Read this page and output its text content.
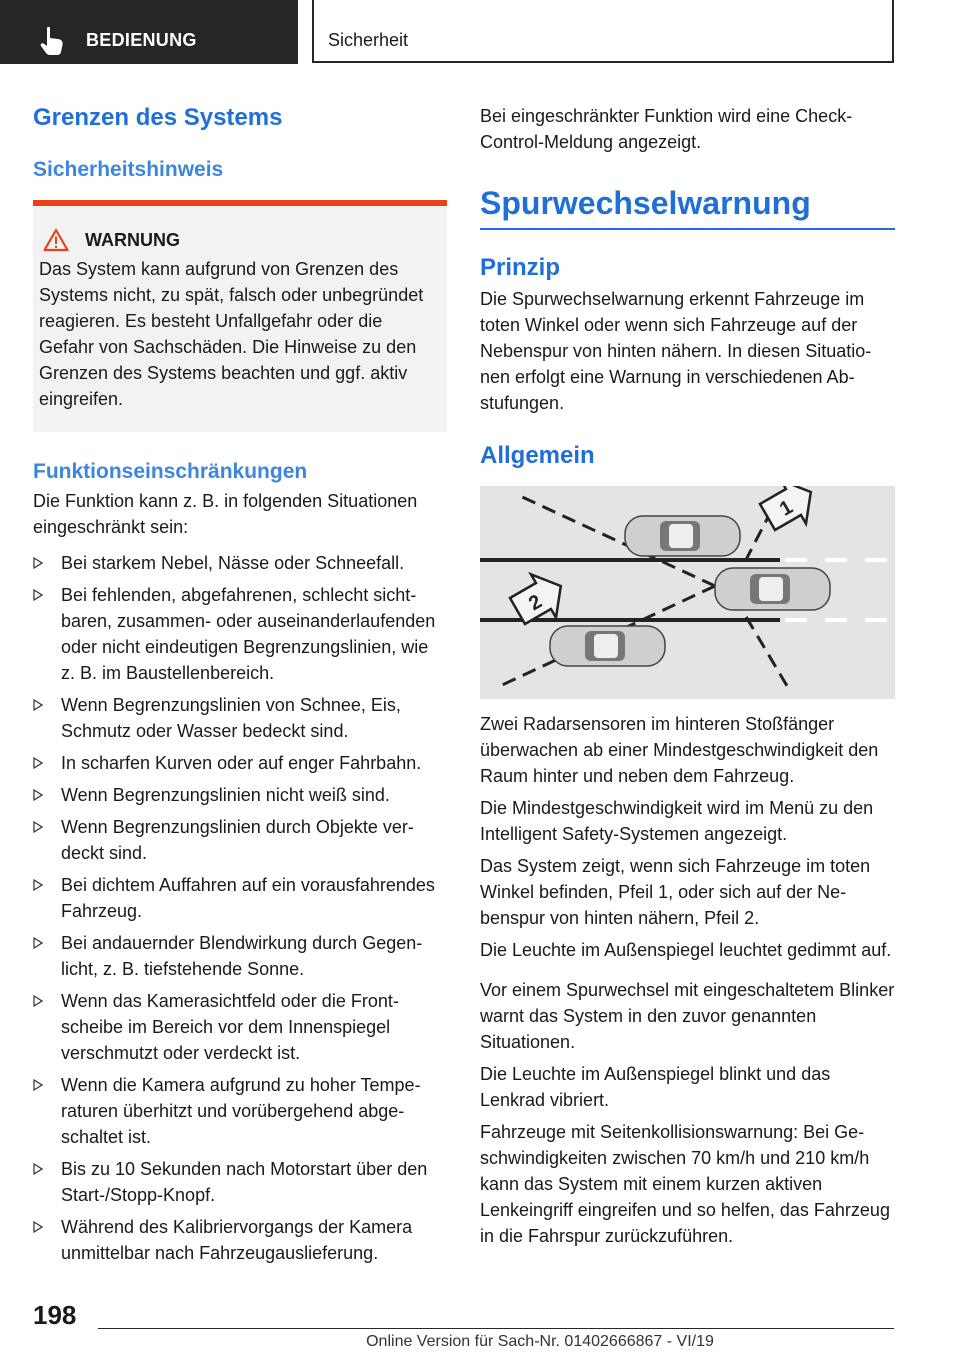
BEDIENUNG	Sicherheit
Grenzen des Systems
Sicherheitshinweis
WARNUNG

Das System kann aufgrund von Grenzen des Systems nicht, zu spät, falsch oder unbegründet reagieren. Es besteht Unfallgefahr oder die Gefahr von Sachschäden. Die Hinweise zu den Grenzen des Systems beachten und ggf. aktiv eingreifen.

Funktionseinschränkungen

Die Funktion kann z. B. in folgenden Situationen eingeschränkt sein:

Bei starkem Nebel, Nässe oder Schneefall.
Bei fehlenden, abgefahrenen, schlecht sichtbaren, zusammen- oder auseinanderlaufenden oder nicht eindeutigen Begrenzungslinien, wie z. B. im Baustellenbereich.
Wenn Begrenzungslinien von Schnee, Eis, Schmutz oder Wasser bedeckt sind.
In scharfen Kurven oder auf enger Fahrbahn.
Wenn Begrenzungslinien nicht weiß sind.
Wenn Begrenzungslinien durch Objekte verdeckt sind.
Bei dichtem Auffahren auf ein vorausfahrendes Fahrzeug.
Bei andauernder Blendwirkung durch Gegenlicht, z. B. tiefstehende Sonne.
Wenn das Kamerasichtfeld oder die Frontscheibe im Bereich vor dem Innenspiegel verschmutzt oder verdeckt ist.
Wenn die Kamera aufgrund zu hoher Temperaturen überhitzt und vorübergehend abgeschaltet ist.
Bis zu 10 Sekunden nach Motorstart über den Start-/Stopp-Knopf.
Während des Kalibriervorgangs der Kamera unmittelbar nach Fahrzeugauslieferung.

Bei eingeschränkter Funktion wird eine Check-Control-Meldung angezeigt.

Spurwechselwarnung
Prinzip

Die Spurwechselwarnung erkennt Fahrzeuge im toten Winkel oder wenn sich Fahrzeuge auf der Nebenspur von hinten nähern. In diesen Situationen erfolgt eine Warnung in verschiedenen Abstufungen.

Allgemein
1
2

Zwei Radarsensoren im hinteren Stoßfänger überwachen ab einer Mindestgeschwindigkeit den Raum hinter und neben dem Fahrzeug.

Die Mindestgeschwindigkeit wird im Menü zu den Intelligent Safety-Systemen angezeigt.

Das System zeigt, wenn sich Fahrzeuge im toten Winkel befinden, Pfeil 1, oder sich auf der Nebenspur von hinten nähern, Pfeil 2.

Die Leuchte im Außenspiegel leuchtet gedimmt auf.

Vor einem Spurwechsel mit eingeschaltetem Blinker warnt das System in den zuvor genannten Situationen.

Die Leuchte im Außenspiegel blinkt und das Lenkrad vibriert.

Fahrzeuge mit Seitenkollisionswarnung: Bei Geschwindigkeiten zwischen 70 km/h und 210 km/h kann das System mit einem kurzen aktiven Lenkeingriff eingreifen und so helfen, das Fahrzeug in die Fahrspur zurückzuführen.

198
Online Version für Sach-Nr. 01402666867 - VI/19
